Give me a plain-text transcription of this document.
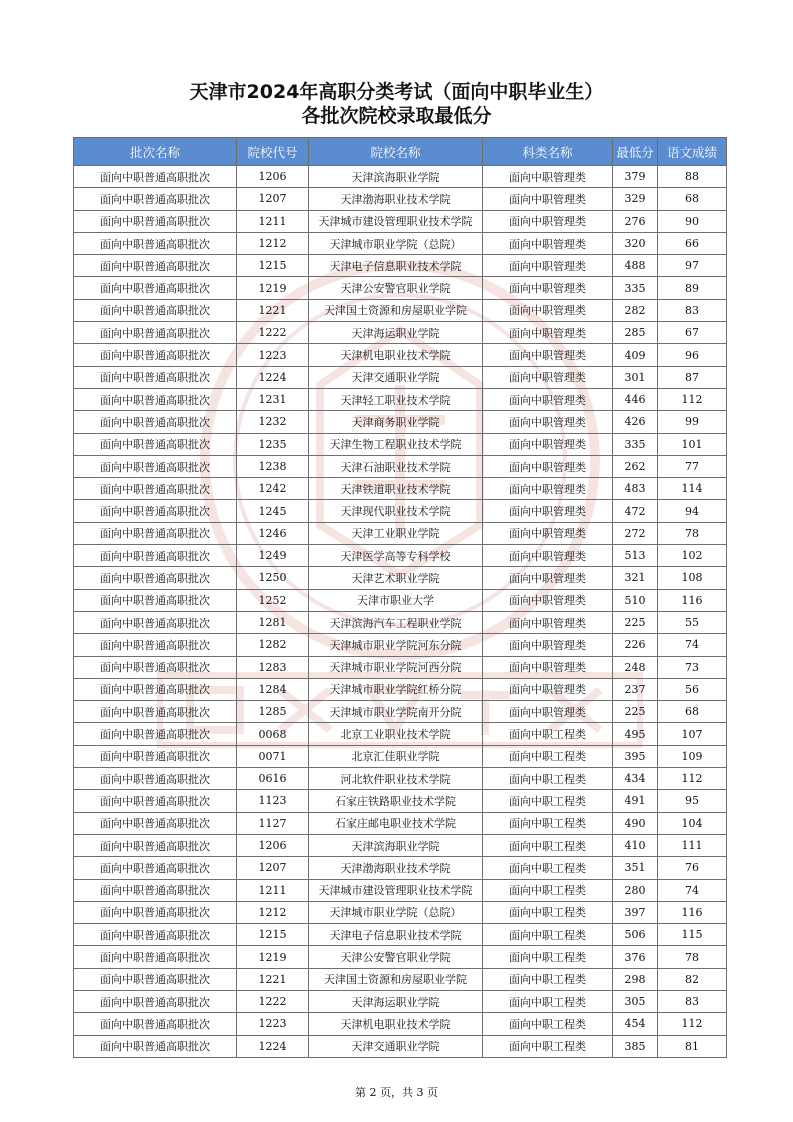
天津市2024年高职分类考试（面向中职毕业生）
各批次院校录取最低分
批次名称	院校代号	院校名称	科类名称	最低分	语文成绩
面向中职普通高职批次	1206	天津滨海职业学院	面向中职管理类	379	88
面向中职普通高职批次	1207	天津渤海职业技术学院	面向中职管理类	329	68
面向中职普通高职批次	1211	天津城市建设管理职业技术学院	面向中职管理类	276	90
面向中职普通高职批次	1212	天津城市职业学院（总院）	面向中职管理类	320	66
面向中职普通高职批次	1215	天津电子信息职业技术学院	面向中职管理类	488	97
面向中职普通高职批次	1219	天津公安警官职业学院	面向中职管理类	335	89
面向中职普通高职批次	1221	天津国土资源和房屋职业学院	面向中职管理类	282	83
面向中职普通高职批次	1222	天津海运职业学院	面向中职管理类	285	67
面向中职普通高职批次	1223	天津机电职业技术学院	面向中职管理类	409	96
面向中职普通高职批次	1224	天津交通职业学院	面向中职管理类	301	87
面向中职普通高职批次	1231	天津轻工职业技术学院	面向中职管理类	446	112
面向中职普通高职批次	1232	天津商务职业学院	面向中职管理类	426	99
面向中职普通高职批次	1235	天津生物工程职业技术学院	面向中职管理类	335	101
面向中职普通高职批次	1238	天津石油职业技术学院	面向中职管理类	262	77
面向中职普通高职批次	1242	天津铁道职业技术学院	面向中职管理类	483	114
面向中职普通高职批次	1245	天津现代职业技术学院	面向中职管理类	472	94
面向中职普通高职批次	1246	天津工业职业学院	面向中职管理类	272	78
面向中职普通高职批次	1249	天津医学高等专科学校	面向中职管理类	513	102
面向中职普通高职批次	1250	天津艺术职业学院	面向中职管理类	321	108
面向中职普通高职批次	1252	天津市职业大学	面向中职管理类	510	116
面向中职普通高职批次	1281	天津滨海汽车工程职业学院	面向中职管理类	225	55
面向中职普通高职批次	1282	天津城市职业学院河东分院	面向中职管理类	226	74
面向中职普通高职批次	1283	天津城市职业学院河西分院	面向中职管理类	248	73
面向中职普通高职批次	1284	天津城市职业学院红桥分院	面向中职管理类	237	56
面向中职普通高职批次	1285	天津城市职业学院南开分院	面向中职管理类	225	68
面向中职普通高职批次	0068	北京工业职业技术学院	面向中职工程类	495	107
面向中职普通高职批次	0071	北京汇佳职业学院	面向中职工程类	395	109
面向中职普通高职批次	0616	河北软件职业技术学院	面向中职工程类	434	112
面向中职普通高职批次	1123	石家庄铁路职业技术学院	面向中职工程类	491	95
面向中职普通高职批次	1127	石家庄邮电职业技术学院	面向中职工程类	490	104
面向中职普通高职批次	1206	天津滨海职业学院	面向中职工程类	410	111
面向中职普通高职批次	1207	天津渤海职业技术学院	面向中职工程类	351	76
面向中职普通高职批次	1211	天津城市建设管理职业技术学院	面向中职工程类	280	74
面向中职普通高职批次	1212	天津城市职业学院（总院）	面向中职工程类	397	116
面向中职普通高职批次	1215	天津电子信息职业技术学院	面向中职工程类	506	115
面向中职普通高职批次	1219	天津公安警官职业学院	面向中职工程类	376	78
面向中职普通高职批次	1221	天津国土资源和房屋职业学院	面向中职工程类	298	82
面向中职普通高职批次	1222	天津海运职业学院	面向中职工程类	305	83
面向中职普通高职批次	1223	天津机电职业技术学院	面向中职工程类	454	112
面向中职普通高职批次	1224	天津交通职业学院	面向中职工程类	385	81
第 2 页，共 3 页
